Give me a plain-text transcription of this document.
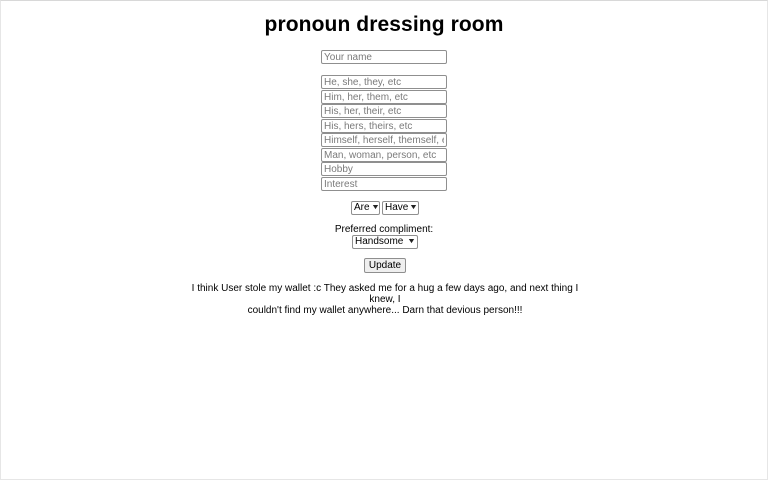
pronoun dressing room
Your name
He, she, they, etc
Him, her, them, etc
His, her, their, etc
His, hers, theirs, etc
Himself, herself, themself, etc
Man, woman, person, etc
Hobby
Interest
Are ▼ Have ▼
Preferred compliment:
Handsome ▼
Update
I think User stole my wallet :c They asked me for a hug a few days ago, and next thing I knew, I
couldn't find my wallet anywhere... Darn that devious person!!!
